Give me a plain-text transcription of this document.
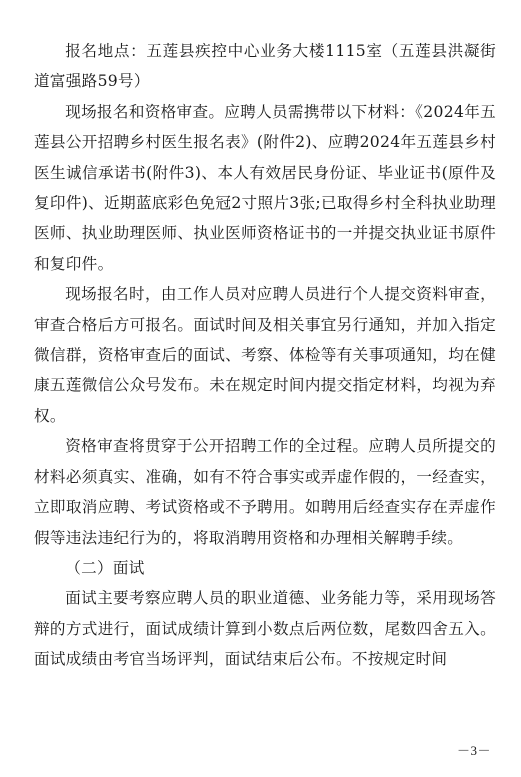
报名地点：五莲县疾控中心业务大楼1115室（五莲县洪凝街道富强路59号）

现场报名和资格审查。应聘人员需携带以下材料：《2024年五莲县公开招聘乡村医生报名表》(附件2)、应聘2024年五莲县乡村医生诚信承诺书(附件3)、本人有效居民身份证、毕业证书(原件及复印件)、近期蓝底彩色免冠2寸照片3张;已取得乡村全科执业助理医师、执业助理医师、执业医师资格证书的一并提交执业证书原件和复印件。

现场报名时，由工作人员对应聘人员进行个人提交资料审查，审查合格后方可报名。面试时间及相关事宜另行通知，并加入指定微信群，资格审查后的面试、考察、体检等有关事项通知，均在健康五莲微信公众号发布。未在规定时间内提交指定材料，均视为弃权。

资格审查将贯穿于公开招聘工作的全过程。应聘人员所提交的材料必须真实、准确，如有不符合事实或弄虚作假的，一经查实，立即取消应聘、考试资格或不予聘用。如聘用后经查实存在弄虚作假等违法违纪行为的，将取消聘用资格和办理相关解聘手续。

（二）面试

面试主要考察应聘人员的职业道德、业务能力等，采用现场答辩的方式进行，面试成绩计算到小数点后两位数，尾数四舍五入。面试成绩由考官当场评判，面试结束后公布。不按规定时间

－3－
